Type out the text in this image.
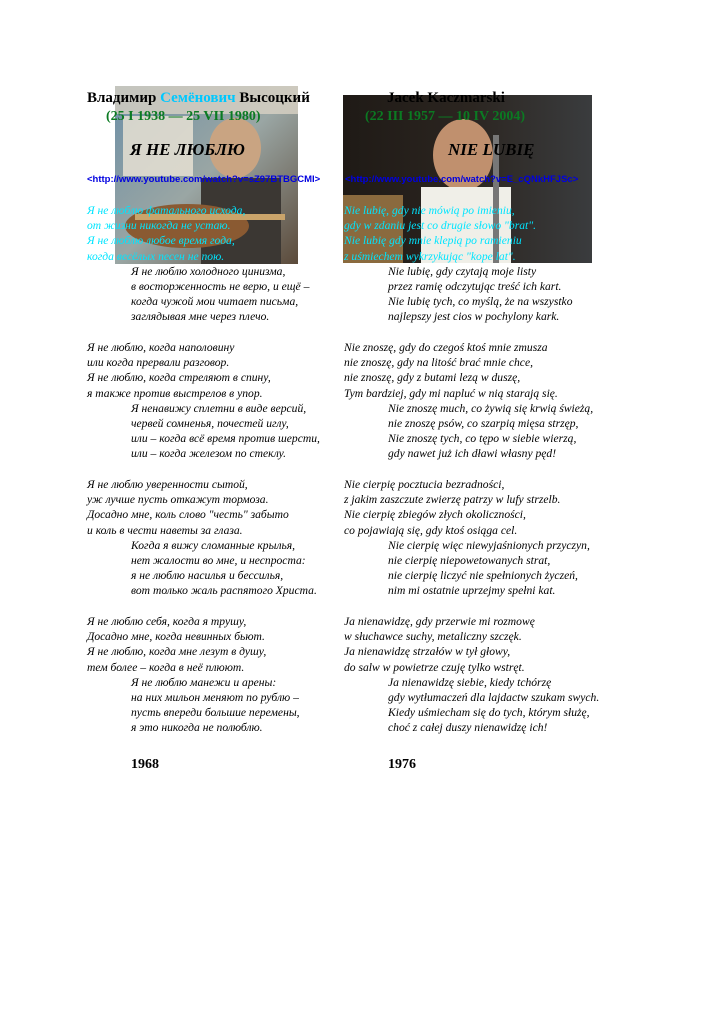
Владимир Семёнович Высоцкий	Jacek Kaczmarski
(25 I 1938 — 25 VII 1980)	(22 III 1957 — 10 IV 2004)
Я НЕ ЛЮБЛЮ	NIE LUBIĘ
<http://www.youtube.com/watch?v=sZ97BTBGCMI>	<http://www.youtube.com/watch?v=E_cQNkHFJSc>
Я не люблю фатального исхода,
от жизни никогда не устаю.
Я не люблю любое время года,
когда весёлых песен не пою.
Я не люблю холодного цинизма,
в восторженность не верю, и ещё –
когда чужой мои читает письма,
заглядывая мне через плечо.
Я не люблю, когда наполовину
или когда прервали разговор.
Я не люблю, когда стреляют в спину,
я также против выстрелов в упор.
Я ненавижу сплетни в виде версий,
червей сомненья, почестей иглу,
или – когда всё время против шерсти,
или – когда железом по стеклу.
Я не люблю уверенности сытой,
уж лучше пусть откажут тормоза.
Досадно мне, коль слово "честь" забыто
и коль в чести наветы за глаза.
Когда я вижу сломанные крылья,
нет жалости во мне, и неспроста:
я не люблю насилья и бессилья,
вот только жаль распятого Христа.
Я не люблю себя, когда я трушу,
Досадно мне, когда невинных бьют.
Я не люблю, когда мне лезут в душу,
тем более – когда в неё плюют.
Я не люблю манежи и арены:
на них мильон меняют по рублю –
пусть впереди большие перемены,
я это никогда не полюблю.
Nie lubię, gdy nie mówią po imieniu,
gdy w zdaniu jest co drugie słowo "brat".
Nie lubię gdy mnie klepią po ramieniu
z uśmiechem wykrzykując "kope lat".
Nie lubię, gdy czytają moje listy
przez ramię odczytując treść ich kart.
Nie lubię tych, co myślą, że na wszystko
najlepszy jest cios w pochylony kark.
Nie znoszę, gdy do czegoś ktoś mnie zmusza
nie znoszę, gdy na litość brać mnie chce,
nie znoszę, gdy z butami lezą w duszę,
Tym bardziej, gdy mi napluć w nią starają się.
Nie znoszę much, co żywią się krwią świeżą,
nie znoszę psów, co szarpią mięsa strzęp,
Nie znoszę tych, co tępo w siebie wierzą,
gdy nawet już ich dławi własny pęd!
Nie cierpię pocztucia bezradności,
z jakim zaszczute zwierzę patrzy w lufy strzelb.
Nie cierpię zbiegów złych okoliczności,
co pojawiają się, gdy ktoś osiąga cel.
Nie cierpię więc niewyjaśnionych przyczyn,
nie cierpię niepowetowanych strat,
nie cierpię liczyć nie spełnionych życzeń,
nim mi ostatnie uprzejmy spełni kat.
Ja nienawidzę, gdy przerwie mi rozmowę
w słuchawce suchy, metaliczny szczęk.
Ja nienawidzę strzałów w tył głowy,
do salw w powietrze czuję tylko wstręt.
Ja nienawidzę siebie, kiedy tchórzę
gdy wytłumaczeń dla lajdactw szukam swych.
Kiedy uśmiecham się do tych, którym służę,
choć z całej duszy nienawidzę ich!
1968	1976
